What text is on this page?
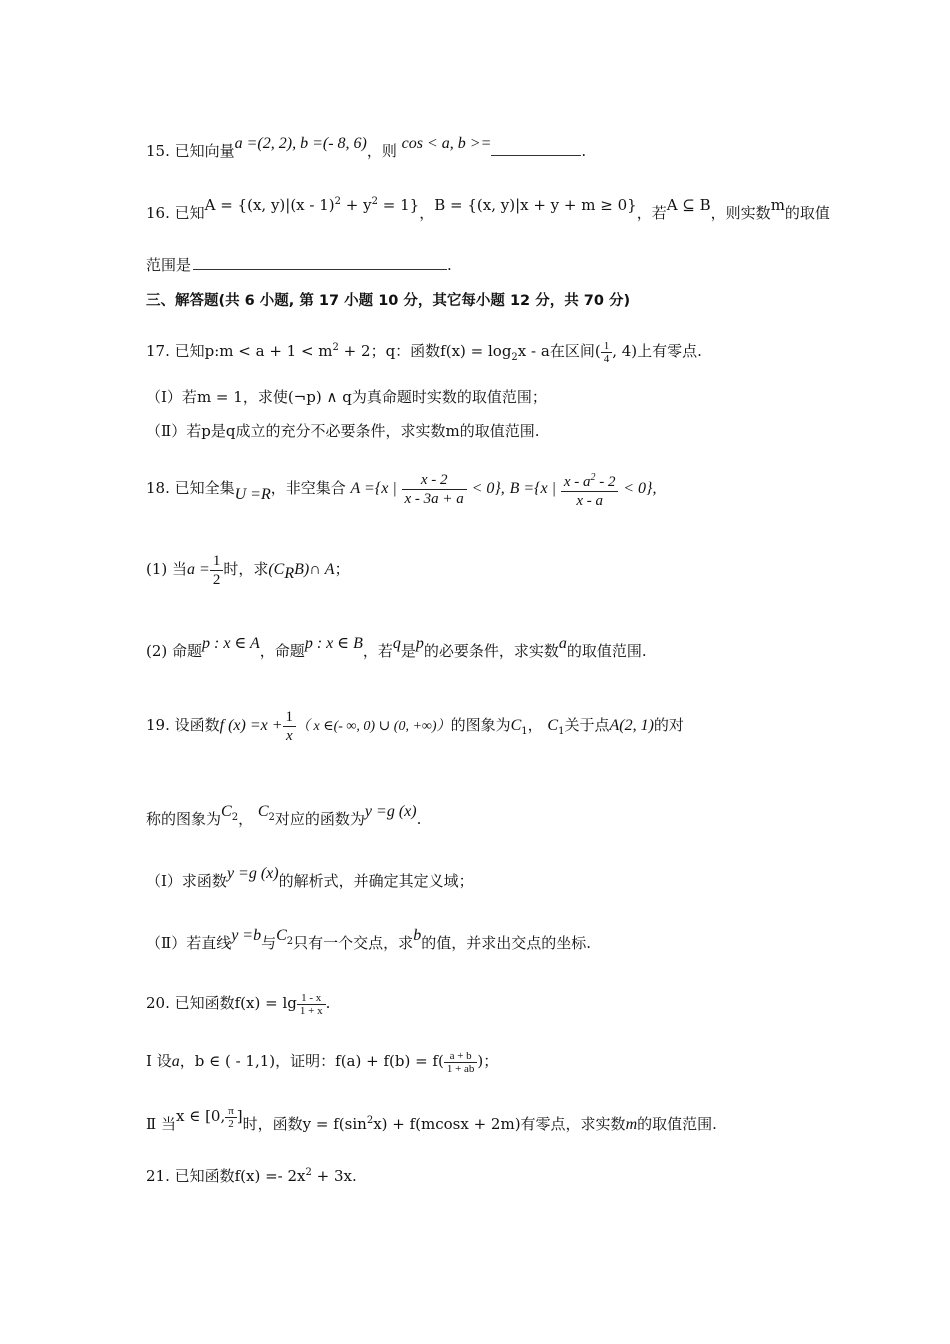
15. 已知向量a =(2, 2), b =(- 8, 6)，则 cos < a, b >=	.
16. 已知A = {(x, $y)|(x - 1)^2 + y^2 = 1$}，B = {(x, y)|x + y + m ≥ 0}，若A ⊆ B，则实数m的取值
范围是	.
三、解答题(共 6 小题, 第 17 小题 10 分，其它每小题 12 分，共 70 分)
17. 已知p:m < $a + 1 < m^2 + 2$；q：函数$f(x) = \log_2x - a$在区间( $\frac{1}{4}$ , 4)上有零点.
（Ⅰ）若m = 1，求使(¬p) ∧ q为真命题时实数的取值范围；
（Ⅱ）若p是q成立的充分不必要条件，求实数m的取值范围.
18. 已知全集U =R，非空集合 A ={x | $\frac{x - 2}{x - 3a + a} < 0$}, B ={x | $\frac{x - a^2 - 2}{x - a} < 0$},
(1) 当$a = \frac{1}{2}$ 时，求$(C_RB)\cap$ A；
(2) 命题p : x ∈ A，命题p : x ∈ B，若q是p的必要条件，求实数a的取值范围.
19. 设函数f $(x) =x + \frac{1}{x}$ （ x ∈(- ∞, 0) ∪ (0, +∞)）的图象为$C_1$， $C_1$关于点A(2, 1)的对
称的图象为$C_2$， $C_2$对应的函数为y =g (x).
（Ⅰ）求函数y =g (x)的解析式，并确定其定义域；
（Ⅱ）若直线y =b与$C_2$只有一个交点，求b的值，并求出交点的坐标.
20. 已知函数$f(x) = \lg \frac{1 - x}{1 + x}$ .
Ⅰ 设a，b ∈ ( - 1,1)，证明：$f(a) + f(b) = f( \frac{a + b}{1 + ab}$ )；
Ⅱ 当x ∈ [0, $\frac{\pi}{2}$ ]时，函数$y = f(\sin^2x) + f(mcosx + 2m)$有零点，求实数m的取值范围.
21. 已知函数$f(x) =- 2x^2 + 3x$.
